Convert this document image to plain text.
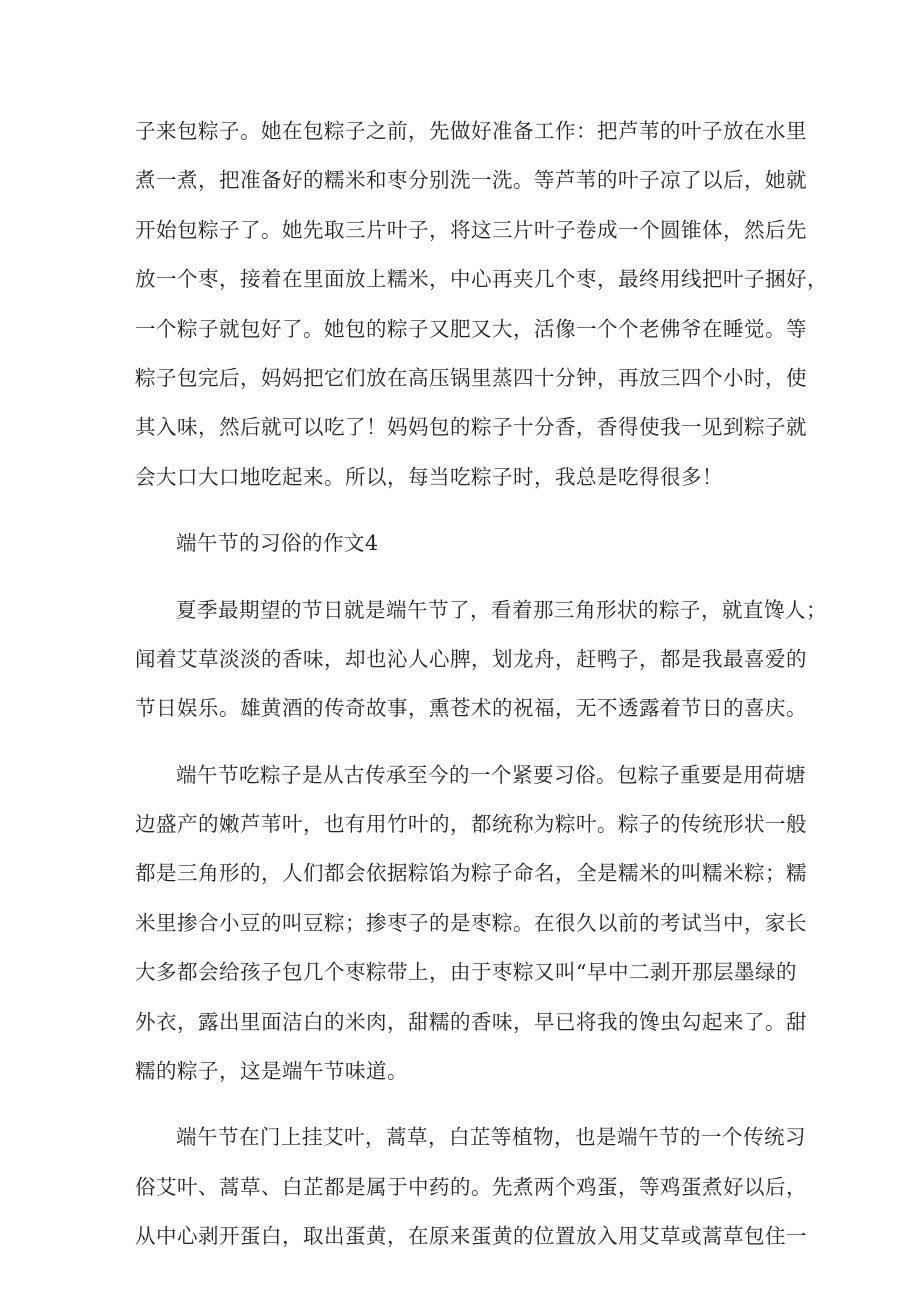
子来包粽子。她在包粽子之前，先做好准备工作：把芦苇的叶子放在水里
煮一煮，把准备好的糯米和枣分别洗一洗。等芦苇的叶子凉了以后，她就
开始包粽子了。她先取三片叶子，将这三片叶子卷成一个圆锥体，然后先
放一个枣，接着在里面放上糯米，中心再夹几个枣，最终用线把叶子捆好，
一个粽子就包好了。她包的粽子又肥又大，活像一个个老佛爷在睡觉。等
粽子包完后，妈妈把它们放在高压锅里蒸四十分钟，再放三四个小时，使
其入味，然后就可以吃了！妈妈包的粽子十分香，香得使我一见到粽子就
会大口大口地吃起来。所以，每当吃粽子时，我总是吃得很多！
端午节的习俗的作文4
夏季最期望的节日就是端午节了，看着那三角形状的粽子，就直馋人；
闻着艾草淡淡的香味，却也沁人心脾，划龙舟，赶鸭子，都是我最喜爱的
节日娱乐。雄黄酒的传奇故事，熏苍术的祝福，无不透露着节日的喜庆。
端午节吃粽子是从古传承至今的一个紧要习俗。包粽子重要是用荷塘
边盛产的嫩芦苇叶，也有用竹叶的，都统称为粽叶。粽子的传统形状一般
都是三角形的，人们都会依据粽馅为粽子命名，全是糯米的叫糯米粽；糯
米里掺合小豆的叫豆粽；掺枣子的是枣粽。在很久以前的考试当中，家长
大多都会给孩子包几个枣粽带上，由于枣粽又叫“早中二剥开那层墨绿的
外衣，露出里面洁白的米肉，甜糯的香味，早已将我的馋虫勾起来了。甜
糯的粽子，这是端午节味道。
端午节在门上挂艾叶，蒿草，白芷等植物，也是端午节的一个传统习
俗艾叶、蒿草、白芷都是属于中药的。先煮两个鸡蛋，等鸡蛋煮好以后，
从中心剥开蛋白，取出蛋黄，在原来蛋黄的位置放入用艾草或蒿草包住一
